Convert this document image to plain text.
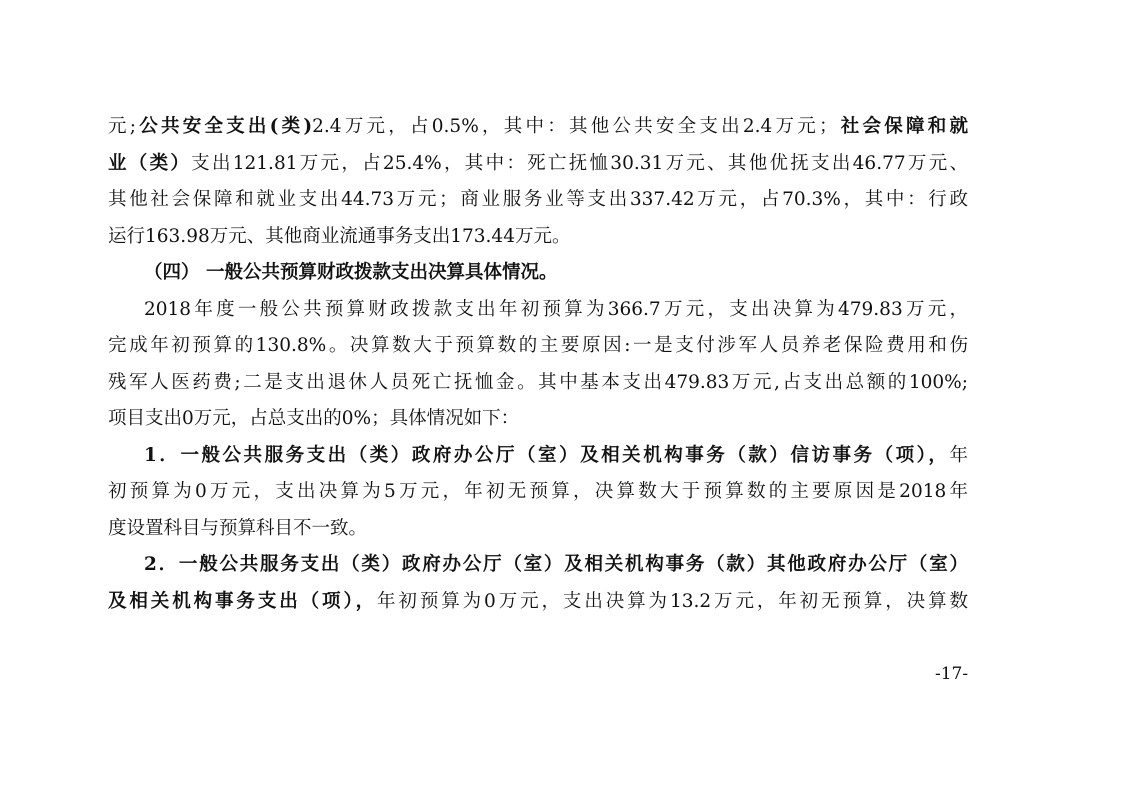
元;公共安全支出(类)2.4万元，占0.5%，其中：其他公共安全支出2.4万元；社会保障和就
业（类）支出121.81万元，占25.4%，其中：死亡抚恤30.31万元、其他优抚支出46.77万元、
其他社会保障和就业支出44.73万元；商业服务业等支出337.42万元，占70.3%，其中：行政
运行163.98万元、其他商业流通事务支出173.44万元。
（四） 一般公共预算财政拨款支出决算具体情况。
2018年度一般公共预算财政拨款支出年初预算为366.7万元，支出决算为479.83万元，
完成年初预算的130.8%。决算数大于预算数的主要原因:一是支付涉军人员养老保险费用和伤
残军人医药费;二是支出退休人员死亡抚恤金。其中基本支出479.83万元,占支出总额的100%;
项目支出0万元，占总支出的0%；具体情况如下：
1．一般公共服务支出（类）政府办公厅（室）及相关机构事务（款）信访事务（项），年
初预算为0万元，支出决算为5万元，年初无预算，决算数大于预算数的主要原因是2018年
度设置科目与预算科目不一致。
2．一般公共服务支出（类）政府办公厅（室）及相关机构事务（款）其他政府办公厅（室）
及相关机构事务支出（项），年初预算为0万元，支出决算为13.2万元，年初无预算，决算数
-17-
